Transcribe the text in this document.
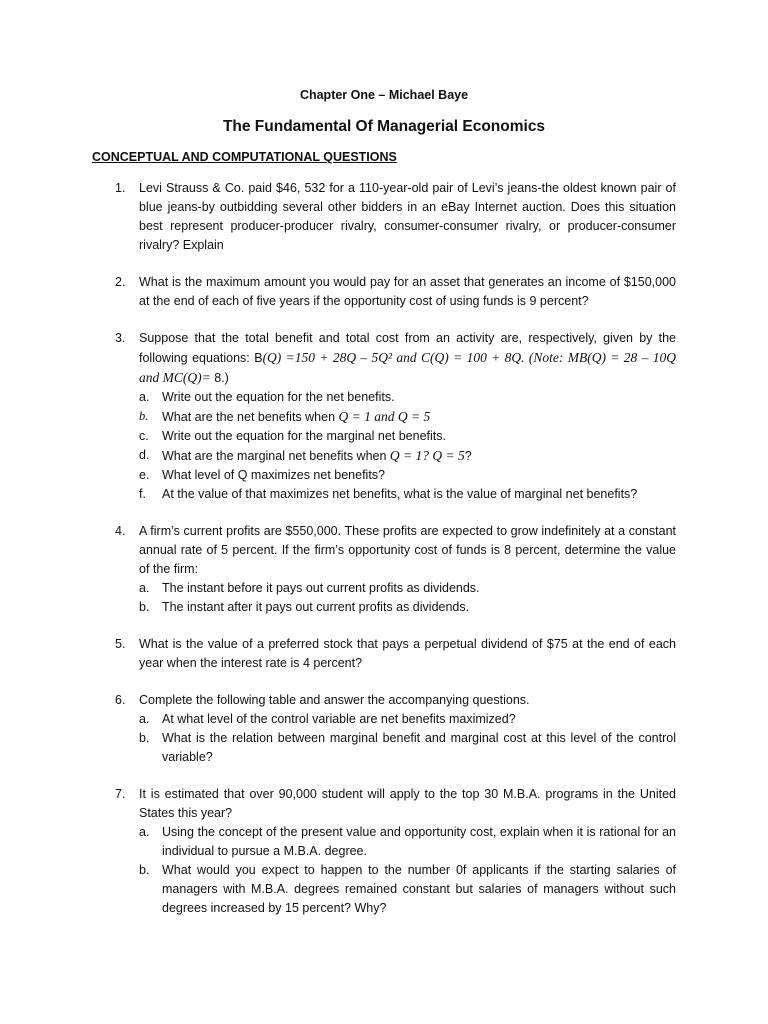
Chapter One – Michael Baye

The Fundamental Of Managerial Economics

CONCEPTUAL AND COMPUTATIONAL QUESTIONS

1. Levi Strauss & Co. paid $46, 532 for a 110-year-old pair of Levi’s jeans-the oldest known pair of blue jeans-by outbidding several other bidders in an eBay Internet auction. Does this situation best represent producer-producer rivalry, consumer-consumer rivalry, or producer-consumer rivalry? Explain
2. What is the maximum amount you would pay for an asset that generates an income of $150,000 at the end of each of five years if the opportunity cost of using funds is 9 percent?
3. Suppose that the total benefit and total cost from an activity are, respectively, given by the following equations: B(Q) =150 + 28Q – 5Q² and C(Q) = 100 + 8Q. (Note: MB(Q) = 28 – 10Q and MC(Q)= 8.)
a. Write out the equation for the net benefits.
b. What are the net benefits when Q = 1 and Q = 5
c. Write out the equation for the marginal net benefits.
d. What are the marginal net benefits when Q = 1? Q = 5?
e. What level of Q maximizes net benefits?
f. At the value of that maximizes net benefits, what is the value of marginal net benefits?
4. A firm’s current profits are $550,000. These profits are expected to grow indefinitely at a constant annual rate of 5 percent. If the firm’s opportunity cost of funds is 8 percent, determine the value of the firm:
a. The instant before it pays out current profits as dividends.
b. The instant after it pays out current profits as dividends.
5. What is the value of a preferred stock that pays a perpetual dividend of $75 at the end of each year when the interest rate is 4 percent?
6. Complete the following table and answer the accompanying questions.
a. At what level of the control variable are net benefits maximized?
b. What is the relation between marginal benefit and marginal cost at this level of the control variable?
7. It is estimated that over 90,000 student will apply to the top 30 M.B.A. programs in the United States this year?
a. Using the concept of the present value and opportunity cost, explain when it is rational for an individual to pursue a M.B.A. degree.
b. What would you expect to happen to the number 0f applicants if the starting salaries of managers with M.B.A. degrees remained constant but salaries of managers without such degrees increased by 15 percent? Why?
